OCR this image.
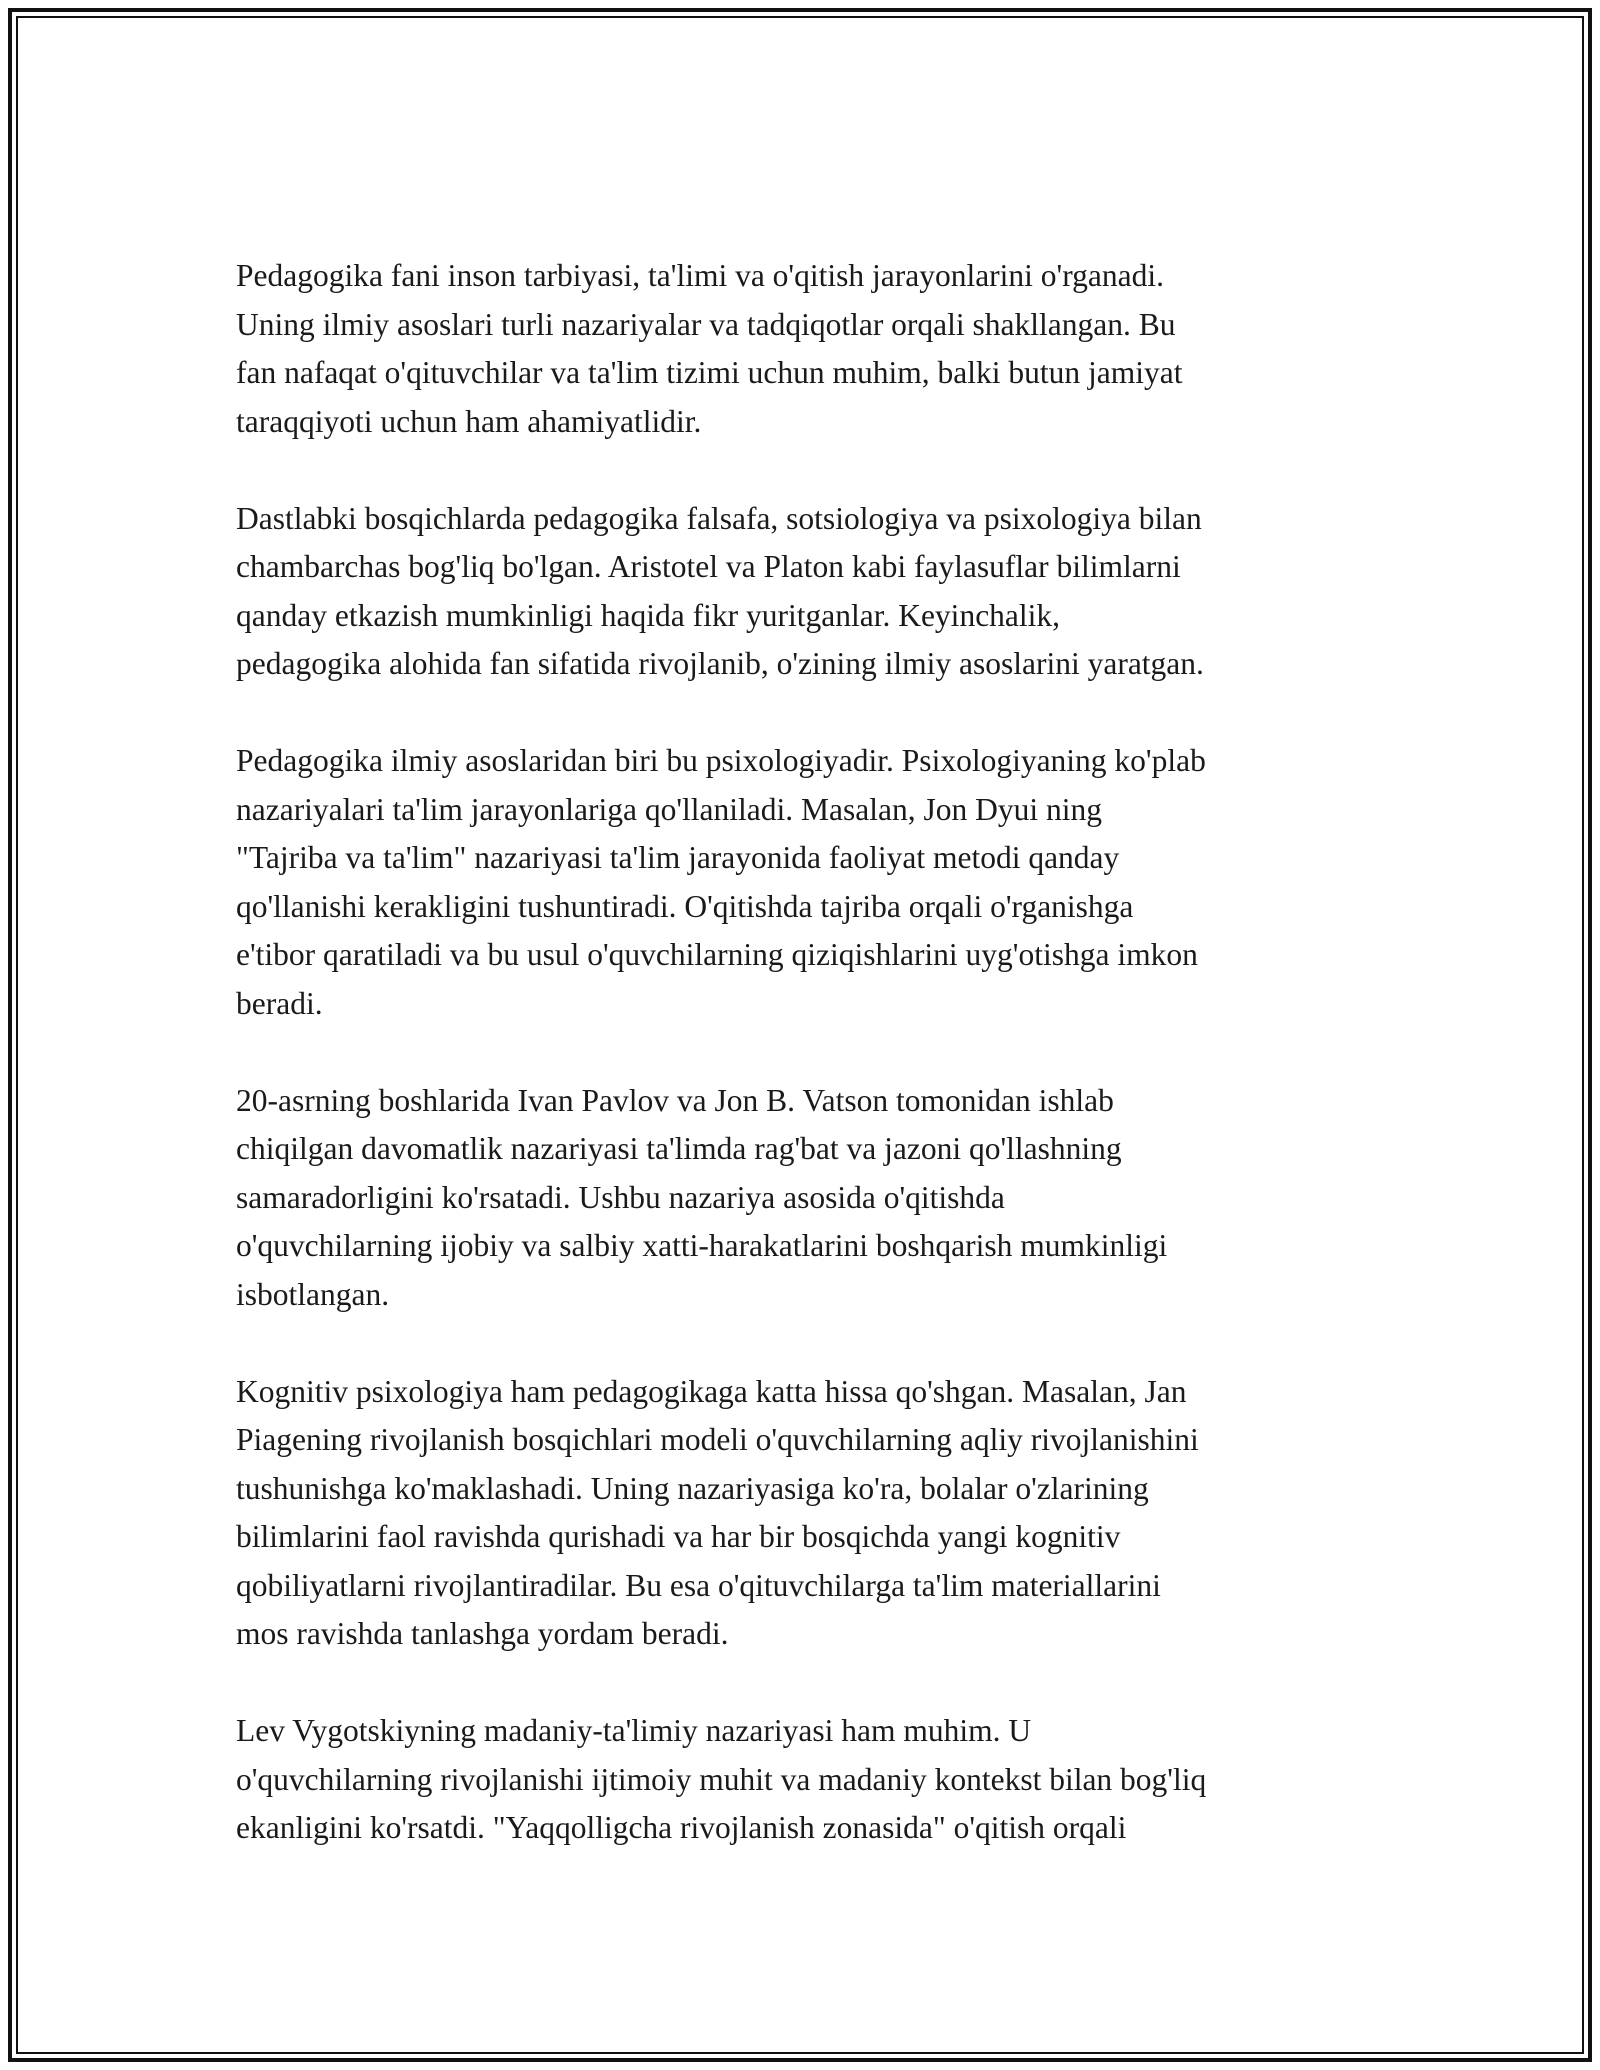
Pedagogika fani inson tarbiyasi, ta'limi va o'qitish jarayonlarini o'rganadi.
Uning ilmiy asoslari turli nazariyalar va tadqiqotlar orqali shakllangan. Bu
fan nafaqat o'qituvchilar va ta'lim tizimi uchun muhim, balki butun jamiyat
taraqqiyoti uchun ham ahamiyatlidir.

Dastlabki bosqichlarda pedagogika falsafa, sotsiologiya va psixologiya bilan
chambarchas bog'liq bo'lgan. Aristotel va Platon kabi faylasuflar bilimlarni
qanday etkazish mumkinligi haqida fikr yuritganlar. Keyinchalik,
pedagogika alohida fan sifatida rivojlanib, o'zining ilmiy asoslarini yaratgan.

Pedagogika ilmiy asoslaridan biri bu psixologiyadir. Psixologiyaning ko'plab
nazariyalari ta'lim jarayonlariga qo'llaniladi. Masalan, Jon Dyui ning
"Tajriba va ta'lim" nazariyasi ta'lim jarayonida faoliyat metodi qanday
qo'llanishi kerakligini tushuntiradi. O'qitishda tajriba orqali o'rganishga
e'tibor qaratiladi va bu usul o'quvchilarning qiziqishlarini uyg'otishga imkon
beradi.

20-asrning boshlarida Ivan Pavlov va Jon B. Vatson tomonidan ishlab
chiqilgan davomatlik nazariyasi ta'limda rag'bat va jazoni qo'llashning
samaradorligini ko'rsatadi. Ushbu nazariya asosida o'qitishda
o'quvchilarning ijobiy va salbiy xatti-harakatlarini boshqarish mumkinligi
isbotlangan.

Kognitiv psixologiya ham pedagogikaga katta hissa qo'shgan. Masalan, Jan
Piagening rivojlanish bosqichlari modeli o'quvchilarning aqliy rivojlanishini
tushunishga ko'maklashadi. Uning nazariyasiga ko'ra, bolalar o'zlarining
bilimlarini faol ravishda qurishadi va har bir bosqichda yangi kognitiv
qobiliyatlarni rivojlantiradilar. Bu esa o'qituvchilarga ta'lim materiallarini
mos ravishda tanlashga yordam beradi.

Lev Vygotskiyning madaniy-ta'limiy nazariyasi ham muhim. U
o'quvchilarning rivojlanishi ijtimoiy muhit va madaniy kontekst bilan bog'liq
ekanligini ko'rsatdi. "Yaqqolligcha rivojlanish zonasida" o'qitish orqali
